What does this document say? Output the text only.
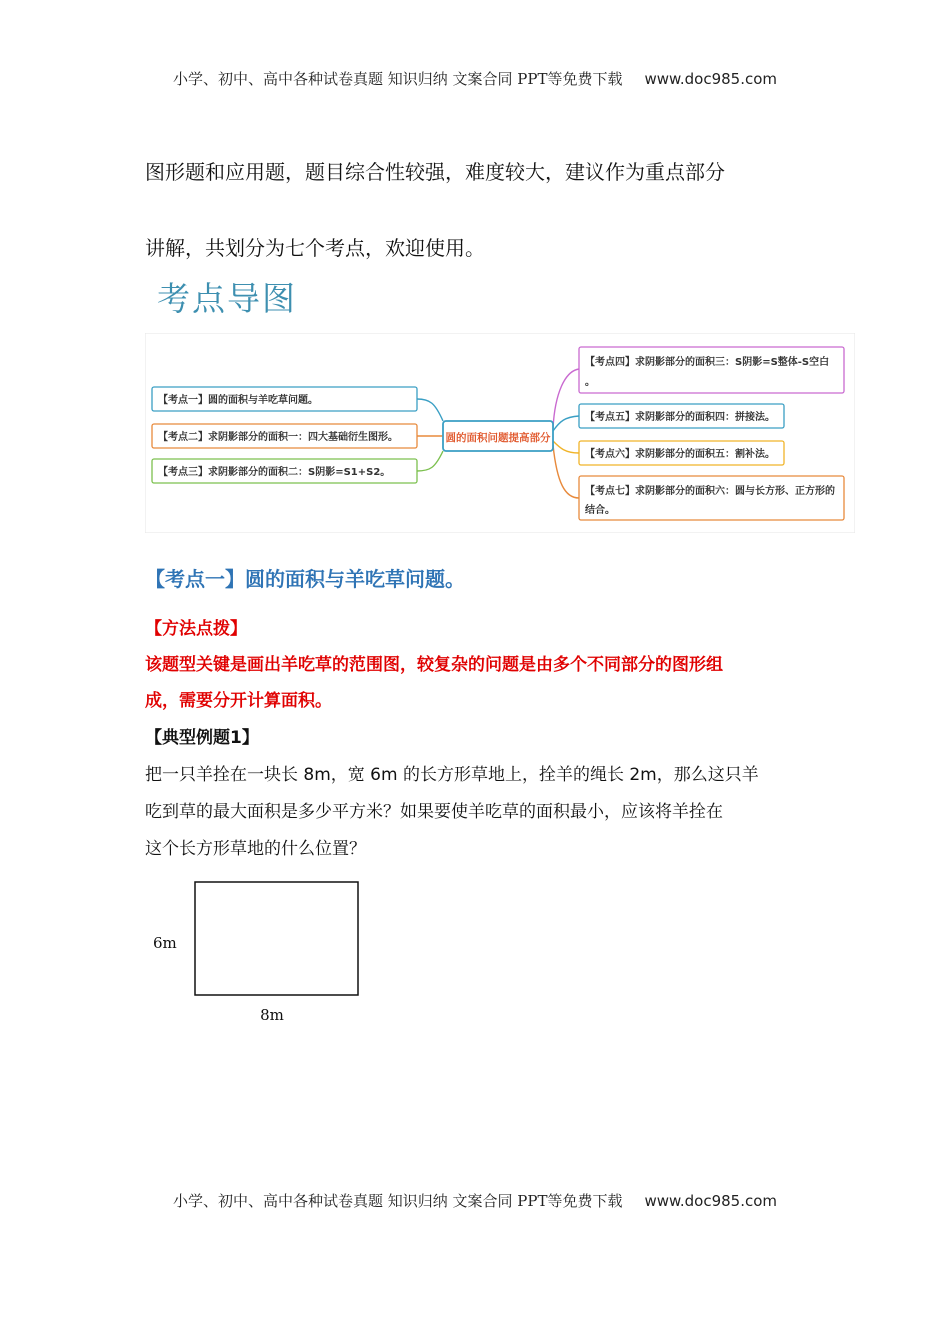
小学、初中、高中各种试卷真题 知识归纳 文案合同 PPT等免费下载 www.doc985.com
图形题和应用题，题目综合性较强，难度较大，建议作为重点部分
讲解，共划分为七个考点，欢迎使用。
考点导图
圆的面积问题提高部分
【考点一】圆的面积与羊吃草问题。
【考点二】求阴影部分的面积一：四大基础衍生图形。
【考点三】求阴影部分的面积二：S阴影=S1+S2。
【考点四】求阴影部分的面积三：S阴影=S整体-S空白
。
【考点五】求阴影部分的面积四：拼接法。
【考点六】求阴影部分的面积五：割补法。
【考点七】求阴影部分的面积六：圆与长方形、正方形的
结合。
【考点一】圆的面积与羊吃草问题。
【方法点拨】
该题型关键是画出羊吃草的范围图，较复杂的问题是由多个不同部分的图形组
成，需要分开计算面积。
【典型例题1】
把一只羊拴在一块长 8m，宽 6m 的长方形草地上，拴羊的绳长 2m，那么这只羊
吃到草的最大面积是多少平方米？如果要使羊吃草的面积最小，应该将羊拴在
这个长方形草地的什么位置？
6m
8m
小学、初中、高中各种试卷真题 知识归纳 文案合同 PPT等免费下载 www.doc985.com
